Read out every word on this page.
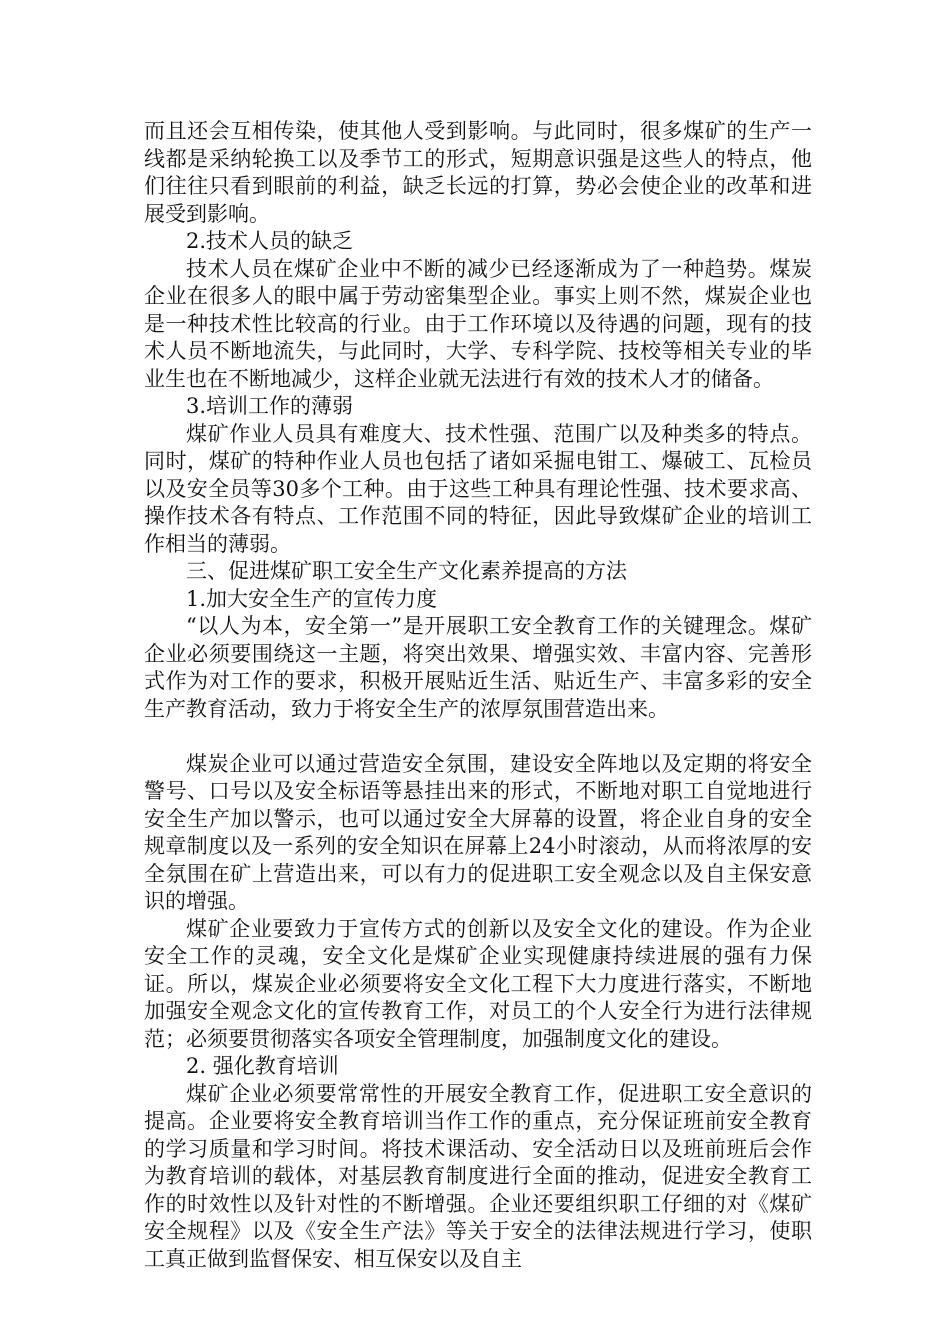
而且还会互相传染，使其他人受到影响。与此同时，很多煤矿的生产一线都是采纳轮换工以及季节工的形式，短期意识强是这些人的特点，他们往往只看到眼前的利益，缺乏长远的打算，势必会使企业的改革和进展受到影响。

2.技术人员的缺乏

技术人员在煤矿企业中不断的减少已经逐渐成为了一种趋势。煤炭企业在很多人的眼中属于劳动密集型企业。事实上则不然，煤炭企业也是一种技术性比较高的行业。由于工作环境以及待遇的问题，现有的技术人员不断地流失，与此同时，大学、专科学院、技校等相关专业的毕业生也在不断地减少，这样企业就无法进行有效的技术人才的储备。

3.培训工作的薄弱

煤矿作业人员具有难度大、技术性强、范围广以及种类多的特点。同时，煤矿的特种作业人员也包括了诸如采掘电钳工、爆破工、瓦检员以及安全员等30多个工种。由于这些工种具有理论性强、技术要求高、操作技术各有特点、工作范围不同的特征，因此导致煤矿企业的培训工作相当的薄弱。

三、促进煤矿职工安全生产文化素养提高的方法

1.加大安全生产的宣传力度

“以人为本，安全第一”是开展职工安全教育工作的关键理念。煤矿企业必须要围绕这一主题，将突出效果、增强实效、丰富内容、完善形式作为对工作的要求，积极开展贴近生活、贴近生产、丰富多彩的安全生产教育活动，致力于将安全生产的浓厚氛围营造出来。

煤炭企业可以通过营造安全氛围，建设安全阵地以及定期的将安全警号、口号以及安全标语等悬挂出来的形式，不断地对职工自觉地进行安全生产加以警示，也可以通过安全大屏幕的设置，将企业自身的安全规章制度以及一系列的安全知识在屏幕上24小时滚动，从而将浓厚的安全氛围在矿上营造出来，可以有力的促进职工安全观念以及自主保安意识的增强。

煤矿企业要致力于宣传方式的创新以及安全文化的建设。作为企业安全工作的灵魂，安全文化是煤矿企业实现健康持续进展的强有力保证。所以，煤炭企业必须要将安全文化工程下大力度进行落实，不断地加强安全观念文化的宣传教育工作，对员工的个人安全行为进行法律规范；必须要贯彻落实各项安全管理制度，加强制度文化的建设。

2. 强化教育培训

煤矿企业必须要常常性的开展安全教育工作，促进职工安全意识的提高。企业要将安全教育培训当作工作的重点，充分保证班前安全教育的学习质量和学习时间。将技术课活动、安全活动日以及班前班后会作为教育培训的载体，对基层教育制度进行全面的推动，促进安全教育工作的时效性以及针对性的不断增强。企业还要组织职工仔细的对《煤矿安全规程》以及《安全生产法》等关于安全的法律法规进行学习，使职工真正做到监督保安、相互保安以及自主
